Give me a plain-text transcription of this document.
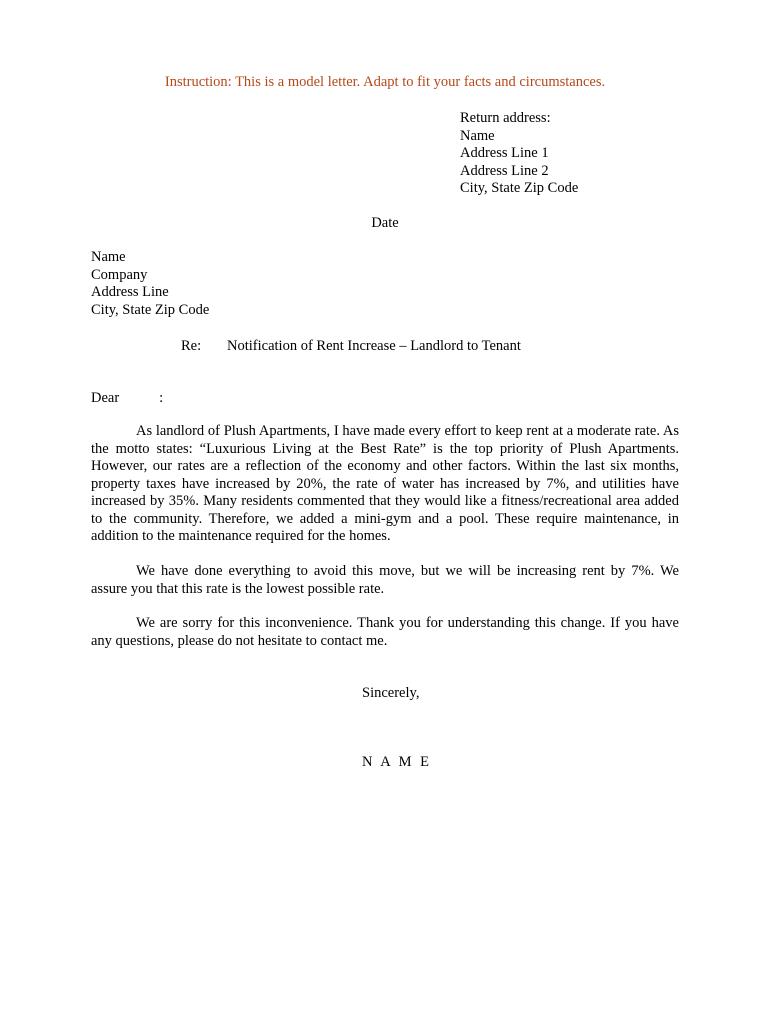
Instruction: This is a model letter. Adapt to fit your facts and circumstances.
Return address:
Name
Address Line 1
Address Line 2
City, State Zip Code
Date
Name
Company
Address Line
City, State Zip Code
Re: Notification of Rent Increase – Landlord to Tenant
Dear	:

As landlord of Plush Apartments, I have made every effort to keep rent at a moderate rate. As the motto states: “Luxurious Living at the Best Rate” is the top priority of Plush Apartments. However, our rates are a reflection of the economy and other factors. Within the last six months, property taxes have increased by 20%, the rate of water has increased by 7%, and utilities have increased by 35%. Many residents commented that they would like a fitness/recreational area added to the community. Therefore, we added a mini-gym and a pool. These require maintenance, in addition to the maintenance required for the homes.

We have done everything to avoid this move, but we will be increasing rent by 7%. We assure you that this rate is the lowest possible rate.

We are sorry for this inconvenience. Thank you for understanding this change. If you have any questions, please do not hesitate to contact me.

Sincerely,
N A M E
